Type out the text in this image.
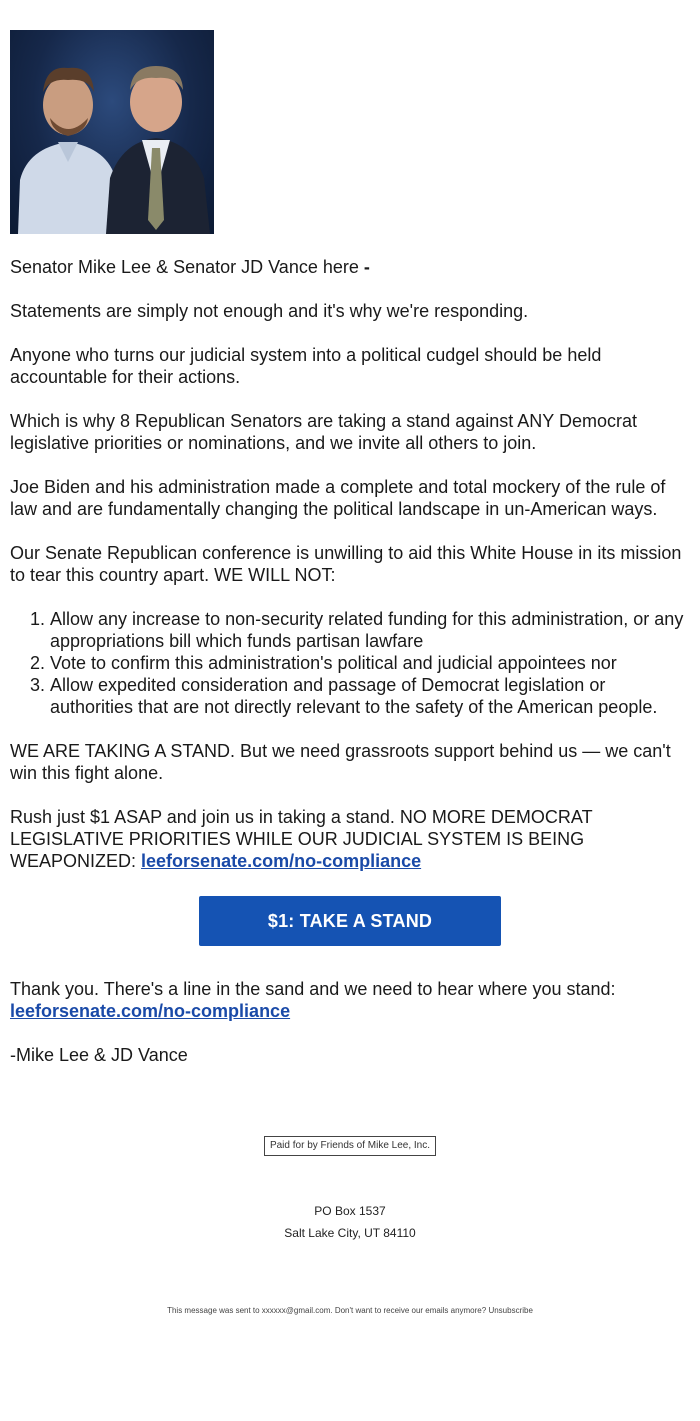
Senator Mike Lee & Senator JD Vance here -

Statements are simply not enough and it's why we're responding.

Anyone who turns our judicial system into a political cudgel should be held accountable for their actions.

Which is why 8 Republican Senators are taking a stand against ANY Democrat legislative priorities or nominations, and we invite all others to join.

Joe Biden and his administration made a complete and total mockery of the rule of law and are fundamentally changing the political landscape in un-American ways.

Our Senate Republican conference is unwilling to aid this White House in its mission to tear this country apart. WE WILL NOT:

1. Allow any increase to non-security related funding for this administration, or any appropriations bill which funds partisan lawfare
2. Vote to confirm this administration's political and judicial appointees nor
3. Allow expedited consideration and passage of Democrat legislation or authorities that are not directly relevant to the safety of the American people.

WE ARE TAKING A STAND. But we need grassroots support behind us — we can't win this fight alone.

Rush just $1 ASAP and join us in taking a stand. NO MORE DEMOCRAT LEGISLATIVE PRIORITIES WHILE OUR JUDICIAL SYSTEM IS BEING WEAPONIZED: leeforsenate.com/no-compliance

$1: TAKE A STAND

Thank you. There's a line in the sand and we need to hear where you stand:
leeforsenate.com/no-compliance

-Mike Lee & JD Vance

Paid for by Friends of Mike Lee, Inc.
PO Box 1537
Salt Lake City, UT 84110
This message was sent to xxxxxx@gmail.com. Don't want to receive our emails anymore? Unsubscribe
